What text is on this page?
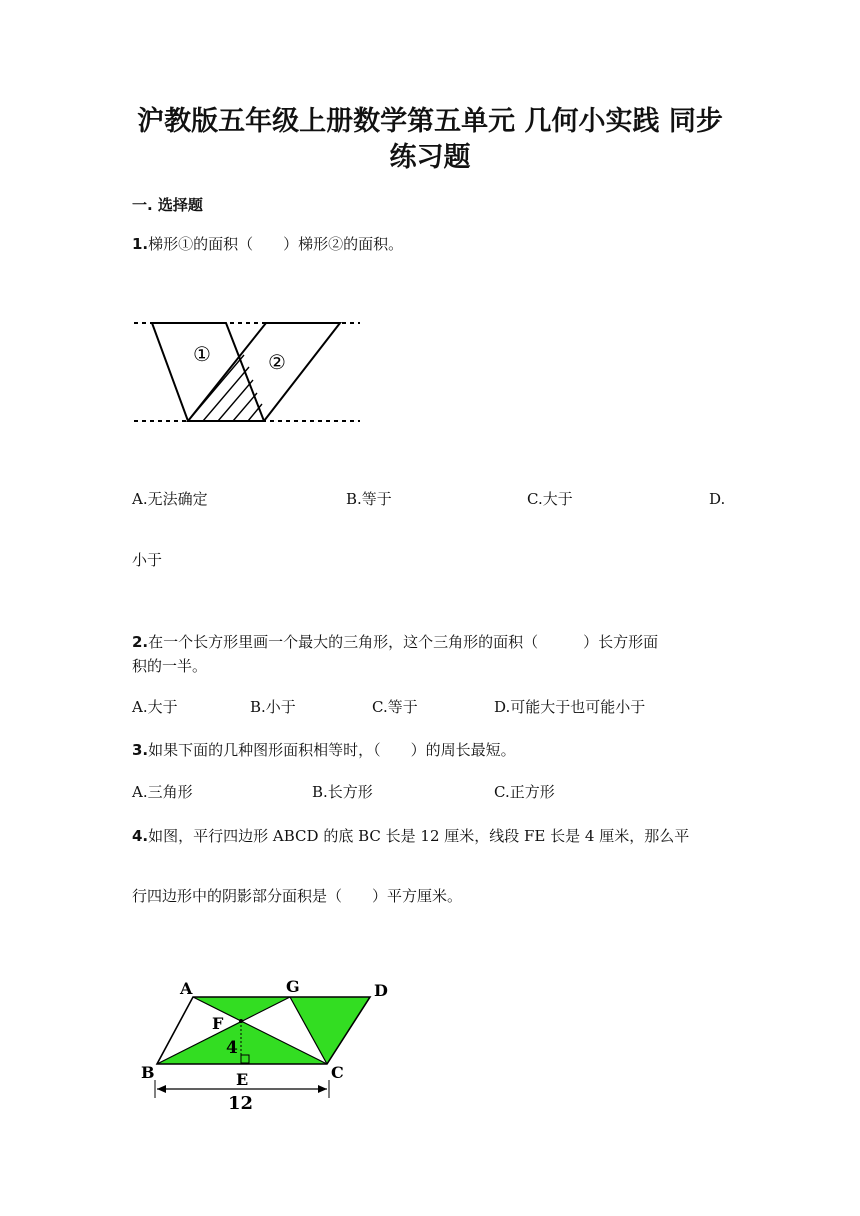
沪教版五年级上册数学第五单元 几何小实践 同步
练习题
一. 选择题
1.梯形①的面积（　　）梯形②的面积。
①	②
A	G	D
F
4
B	C
E
12
A.无法确定	B.等于	C.大于	D.
小于
2.在一个长方形里画一个最大的三角形，这个三角形的面积（　　　）长方形面
积的一半。
A.大于	B.小于	C.等于	D.可能大于也可能小于
3.如果下面的几种图形面积相等时，（　　）的周长最短。
A.三角形	B.长方形	C.正方形
4.如图，平行四边形 ABCD 的底 BC 长是 12 厘米，线段 FE 长是 4 厘米，那么平
行四边形中的阴影部分面积是（　　）平方厘米。
